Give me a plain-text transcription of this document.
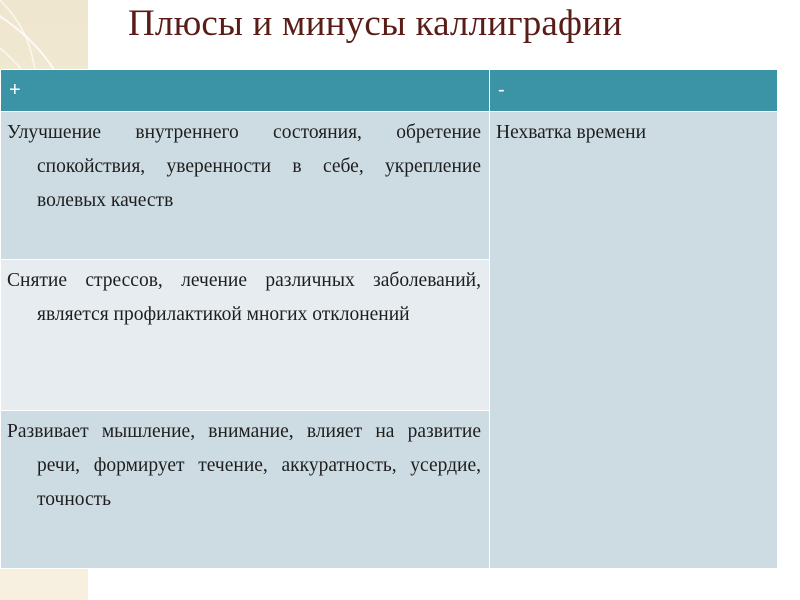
Плюсы и минусы каллиграфии
+	-

Улучшение внутреннего состояния, обретение спокойствия, уверенности в себе, укрепление волевых качеств	Нехватка времени

Снятие стрессов, лечение различных заболеваний, является профилактикой многих отклонений	

Развивает мышление, внимание, влияет на развитие речи, формирует течение, аккуратность, усердие, точность	
